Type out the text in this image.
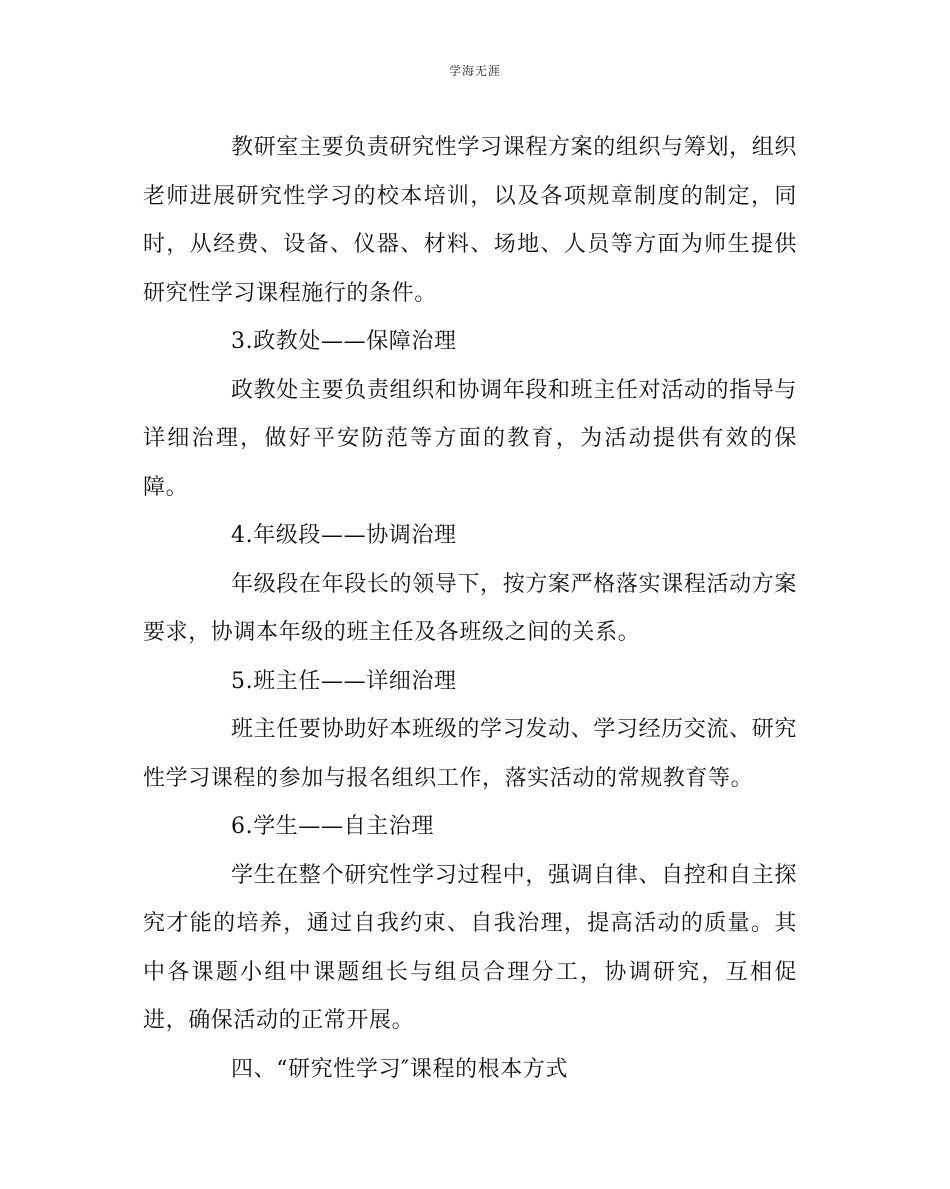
学海无涯

教研室主要负责研究性学习课程方案的组织与筹划，组织老师进展研究性学习的校本培训，以及各项规章制度的制定，同时，从经费、设备、仪器、材料、场地、人员等方面为师生提供研究性学习课程施行的条件。

3.政教处——保障治理

政教处主要负责组织和协调年段和班主任对活动的指导与详细治理，做好平安防范等方面的教育，为活动提供有效的保障。

4.年级段——协调治理

年级段在年段长的领导下，按方案严格落实课程活动方案要求，协调本年级的班主任及各班级之间的关系。

5.班主任——详细治理

班主任要协助好本班级的学习发动、学习经历交流、研究性学习课程的参加与报名组织工作，落实活动的常规教育等。

6.学生——自主治理

学生在整个研究性学习过程中，强调自律、自控和自主探究才能的培养，通过自我约束、自我治理，提高活动的质量。其中各课题小组中课题组长与组员合理分工，协调研究，互相促进，确保活动的正常开展。

四、“研究性学习″课程的根本方式
